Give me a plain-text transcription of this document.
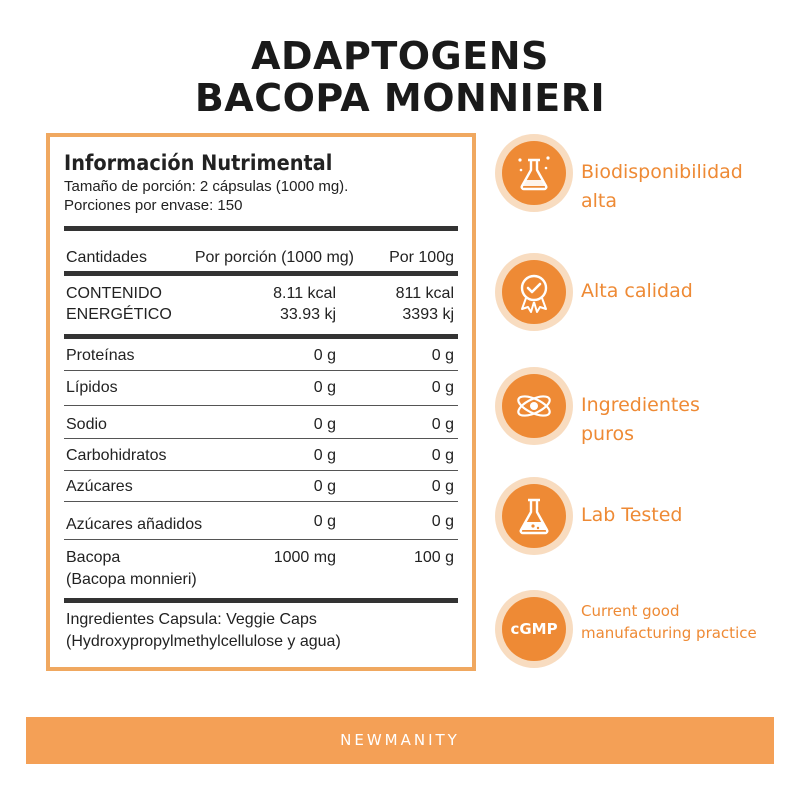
ADAPTOGENS
BACOPA MONNIERI
Información Nutrimental
Tamaño de porción: 2 cápsulas (1000 mg).
Porciones por envase: 150
Cantidades	Por porción (1000 mg) Por 100g
CONTENIDO	8.11 kcal	811 kcal
ENERGÉTICO	33.93 kj	3393 kj
Proteínas	0 g	0 g
Lípidos	0 g	0 g
Sodio	0 g	0 g
Carbohidratos	0 g	0 g
Azúcares	0 g	0 g
Azúcares añadidos	0 g	0 g
Bacopa	1000 mg	100 g
(Bacopa monnieri)
Ingredientes Capsula: Veggie Caps
(Hydroxypropylmethylcellulose y agua)
Biodisponibilidad
alta
Alta calidad
Ingredientes
puros
Lab Tested
cGMP
Current good
manufacturing practice
NEWMANITY
